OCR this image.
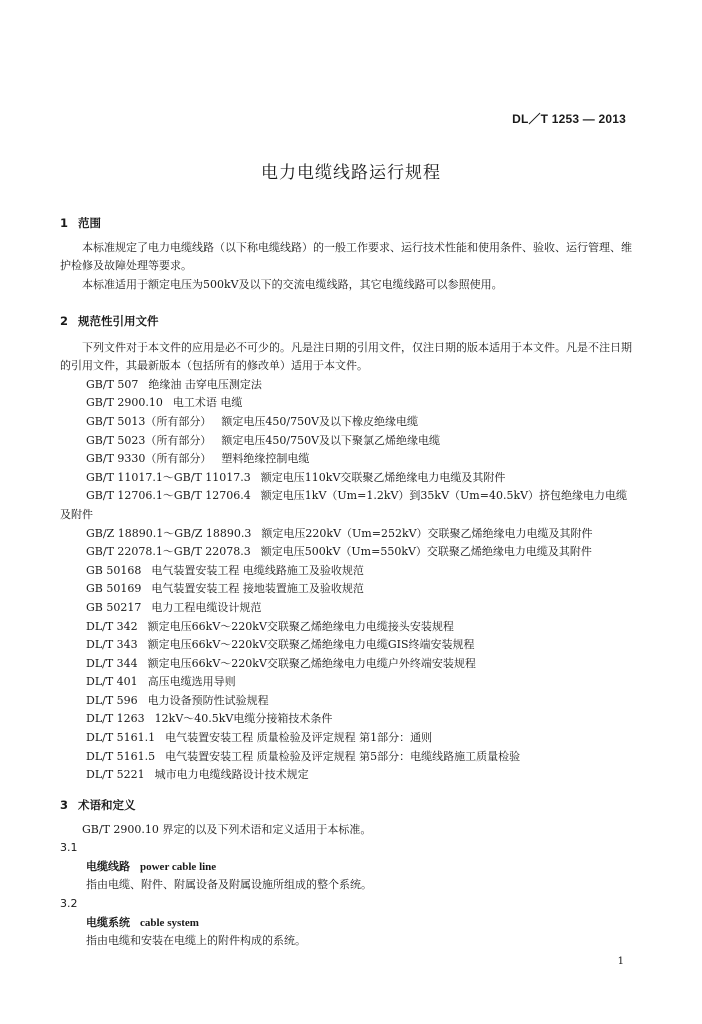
DL／T 1253 — 2013
电力电缆线路运行规程

1 范围

本标准规定了电力电缆线路（以下称电缆线路）的一般工作要求、运行技术性能和使用条件、验收、运行管理、维护检修及故障处理等要求。

本标准适用于额定电压为500kV及以下的交流电缆线路，其它电缆线路可以参照使用。

2 规范性引用文件

下列文件对于本文件的应用是必不可少的。凡是注日期的引用文件，仅注日期的版本适用于本文件。凡是不注日期的引用文件，其最新版本（包括所有的修改单）适用于本文件。

GB/T 507 绝缘油 击穿电压测定法

GB/T 2900.10 电工术语 电缆

GB/T 5013（所有部分） 额定电压450/750V及以下橡皮绝缘电缆

GB/T 5023（所有部分） 额定电压450/750V及以下聚氯乙烯绝缘电缆

GB/T 9330（所有部分） 塑料绝缘控制电缆

GB/T 11017.1～GB/T 11017.3 额定电压110kV交联聚乙烯绝缘电力电缆及其附件

GB/T 12706.1～GB/T 12706.4 额定电压1kV（Um=1.2kV）到35kV（Um=40.5kV）挤包绝缘电力电缆及附件

GB/Z 18890.1～GB/Z 18890.3 额定电压220kV（Um=252kV）交联聚乙烯绝缘电力电缆及其附件

GB/T 22078.1～GB/T 22078.3 额定电压500kV（Um=550kV）交联聚乙烯绝缘电力电缆及其附件

GB 50168 电气装置安装工程 电缆线路施工及验收规范

GB 50169 电气装置安装工程 接地装置施工及验收规范

GB 50217 电力工程电缆设计规范

DL/T 342 额定电压66kV～220kV交联聚乙烯绝缘电力电缆接头安装规程

DL/T 343 额定电压66kV～220kV交联聚乙烯绝缘电力电缆GIS终端安装规程

DL/T 344 额定电压66kV～220kV交联聚乙烯绝缘电力电缆户外终端安装规程

DL/T 401 高压电缆选用导则

DL/T 596 电力设备预防性试验规程

DL/T 1263 12kV～40.5kV电缆分接箱技术条件

DL/T 5161.1 电气装置安装工程 质量检验及评定规程 第1部分：通则

DL/T 5161.5 电气装置安装工程 质量检验及评定规程 第5部分：电缆线路施工质量检验

DL/T 5221 城市电力电缆线路设计技术规定

3 术语和定义

GB/T 2900.10 界定的以及下列术语和定义适用于本标准。

3.1

电缆线路 power cable line

指由电缆、附件、附属设备及附属设施所组成的整个系统。

3.2

电缆系统 cable system

指由电缆和安装在电缆上的附件构成的系统。

1
